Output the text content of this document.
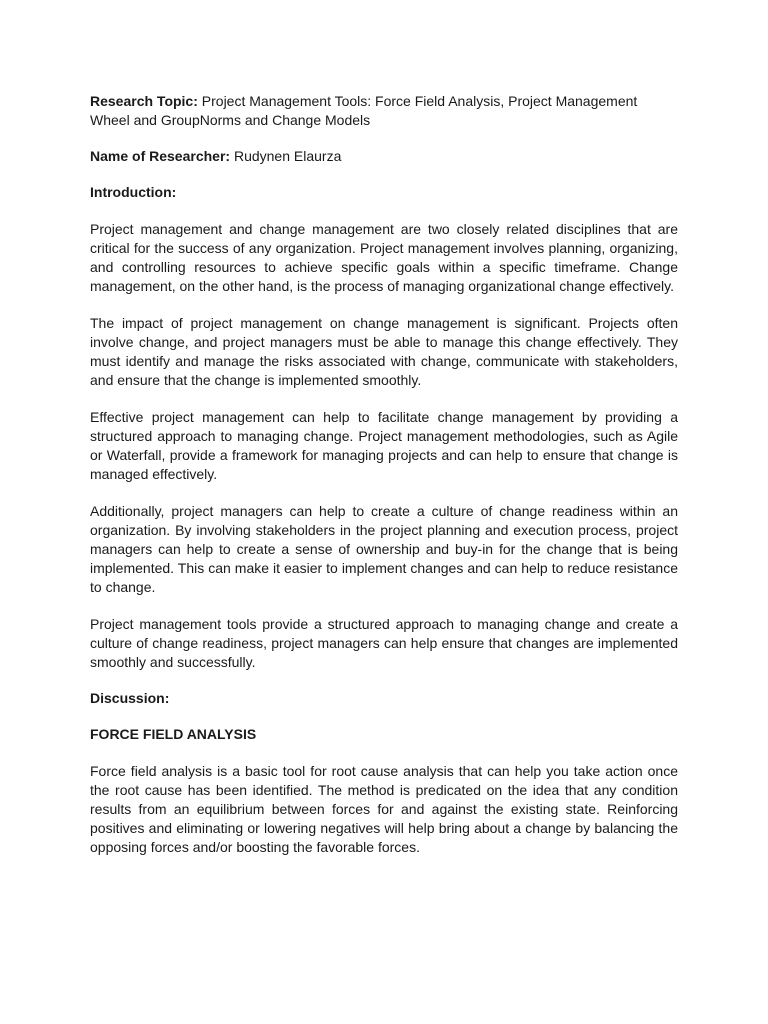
Research Topic: Project Management Tools: Force Field Analysis, Project Management Wheel and GroupNorms and Change Models

Name of Researcher: Rudynen Elaurza

Introduction:

Project management and change management are two closely related disciplines that are critical for the success of any organization. Project management involves planning, organizing, and controlling resources to achieve specific goals within a specific timeframe. Change management, on the other hand, is the process of managing organizational change effectively.

The impact of project management on change management is significant. Projects often involve change, and project managers must be able to manage this change effectively. They must identify and manage the risks associated with change, communicate with stakeholders, and ensure that the change is implemented smoothly.

Effective project management can help to facilitate change management by providing a structured approach to managing change. Project management methodologies, such as Agile or Waterfall, provide a framework for managing projects and can help to ensure that change is managed effectively.

Additionally, project managers can help to create a culture of change readiness within an organization. By involving stakeholders in the project planning and execution process, project managers can help to create a sense of ownership and buy-in for the change that is being implemented. This can make it easier to implement changes and can help to reduce resistance to change.

Project management tools provide a structured approach to managing change and create a culture of change readiness, project managers can help ensure that changes are implemented smoothly and successfully.

Discussion:

FORCE FIELD ANALYSIS

Force field analysis is a basic tool for root cause analysis that can help you take action once the root cause has been identified. The method is predicated on the idea that any condition results from an equilibrium between forces for and against the existing state. Reinforcing positives and eliminating or lowering negatives will help bring about a change by balancing the opposing forces and/or boosting the favorable forces.
